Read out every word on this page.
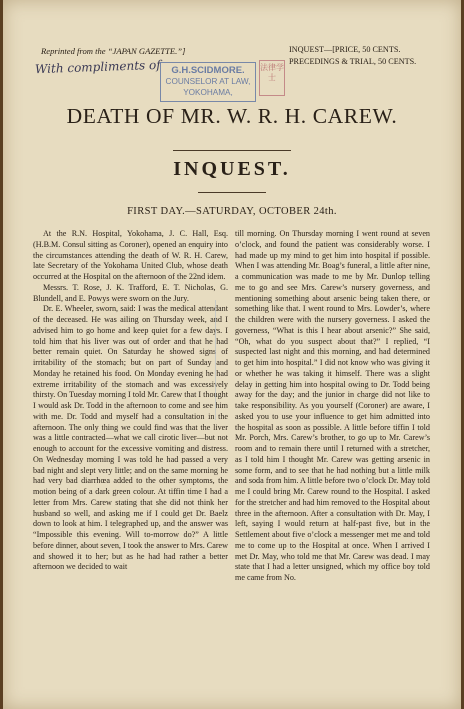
Reprinted from the “JAPAN GAZETTE.”]	INQUEST—[PRICE, 50 CENTS.
PRECEDINGS & TRIAL, 50 CENTS.
With compliments of	G.H.SCIDMORE.
COUNSELOR AT LAW,
YOKOHAMA,
法律学士
DEATH OF MR. W. R. H. CAREW.
INQUEST.
FIRST DAY.—SATURDAY, OCTOBER 24th.

At the R.N. Hospital, Yokohama, J. C. Hall, Esq. (H.B.M. Consul sitting as Coroner), opened an enquiry into the circumstances attending the death of W. R. H. Carew, late Secretary of the Yokohama United Club, whose death occurred at the Hospital on the afternoon of the 22nd idem.

Messrs. T. Rose, J. K. Trafford, E. T. Nicholas, G. Blundell, and E. Powys were sworn on the Jury.

Dr. E. Wheeler, sworn, said: I was the medical attendant of the deceased. He was ailing on Thursday week, and I advised him to go home and keep quiet for a few days. I told him that his liver was out of order and that he had better remain quiet. On Saturday he showed signs of irritability of the stomach; but on part of Sunday and Monday he retained his food. On Monday evening he had extreme irritability of the stomach and was excessively thirsty. On Tuesday morning I told Mr. Carew that I thought I would ask Dr. Todd in the afternoon to come and see him with me. Dr. Todd and myself had a consultation in the afternoon. The only thing we could find was that the liver was a little contracted—what we call cirotic liver—but not enough to account for the excessive vomiting and distress. On Wednesday morning I was told he had passed a very bad night and slept very little; and on the same morning he had very bad diarrhœa added to the other symptoms, the motion being of a dark green colour. At tiffin time I had a letter from Mrs. Carew stating that she did not think her husband so well, and asking me if I could get Dr. Baelz down to look at him. I telegraphed up, and the answer was “Impossible this evening. Will to-morrow do?” A little before dinner, about seven, I took the answer to Mrs. Carew and showed it to her; but as he had had rather a better afternoon we decided to wait

till morning. On Thursday morning I went round at seven o’clock, and found the patient was considerably worse. I had made up my mind to get him into hospital if possible. When I was attending Mr. Boag’s funeral, a little after nine, a communication was made to me by Mr. Dunlop telling me to go and see Mrs. Carew’s nursery governess, and mentioning something about arsenic being taken there, or something like that. I went round to Mrs. Lowder’s, where the children were with the nursery governess. I asked the governess, “What is this I hear about arsenic?” She said, “Oh, what do you suspect about that?” I replied, “I suspected last night and this morning, and had determined to get him into hospital.” I did not know who was giving it or whether he was taking it himself. There was a slight delay in getting him into hospital owing to Dr. Todd being away for the day; and the junior in charge did not like to take responsibility. As you yourself (Coroner) are aware, I asked you to use your influence to get him admitted into the hospital as soon as possible. A little before tiffin I told Mr. Porch, Mrs. Carew’s brother, to go up to Mr. Carew’s room and to remain there until I returned with a stretcher, as I told him I thought Mr. Carew was getting arsenic in some form, and to see that he had nothing but a little milk and soda from him. A little before two o’clock Dr. May told me I could bring Mr. Carew round to the Hospital. I asked for the stretcher and had him removed to the Hospital about three in the afternoon. After a consultation with Dr. May, I left, saying I would return at half-past five, but in the Settlement about five o’clock a messenger met me and told me to come up to the Hospital at once. When I arrived I met Dr. May, who told me that Mr. Carew was dead. I may state that I had a letter unsigned, which my office boy told me came from No.
